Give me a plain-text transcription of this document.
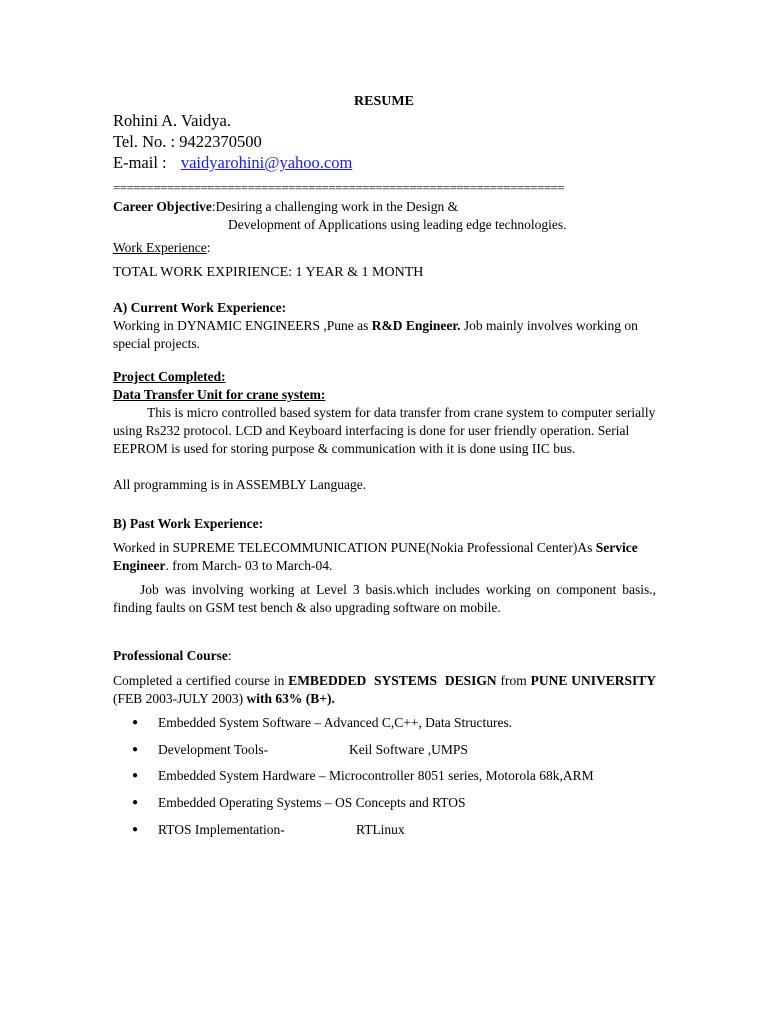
RESUME
Rohini A. Vaidya.
Tel. No. : 9422370500
E-mail : vaidyarohini@yahoo.com
===================================================================
Career Objective:Desiring a challenging work in the Design &
Development of Applications using leading edge technologies.
Work Experience:
TOTAL WORK EXPIRIENCE: 1 YEAR & 1 MONTH
A) Current Work Experience:
Working in DYNAMIC ENGINEERS ,Pune as R&D Engineer. Job mainly involves working on special projects.
Project Completed:
Data Transfer Unit for crane system:
This is micro controlled based system for data transfer from crane system to computer serially using Rs232 protocol. LCD and Keyboard interfacing is done for user friendly operation. Serial EEPROM is used for storing purpose & communication with it is done using IIC bus.
All programming is in ASSEMBLY Language.
B) Past Work Experience:
Worked in SUPREME TELECOMMUNICATION PUNE(Nokia Professional Center)As Service Engineer. from March- 03 to March-04.
Job was involving working at Level 3 basis.which includes working on component basis., finding faults on GSM test bench & also upgrading software on mobile.
Professional Course:
Completed a certified course in EMBEDDED SYSTEMS DESIGN from PUNE UNIVERSITY (FEB 2003-JULY 2003) with 63% (B+).
● Embedded System Software – Advanced C,C++, Data Structures.
● Development Tools-	Keil Software ,UMPS
● Embedded System Hardware – Microcontroller 8051 series, Motorola 68k,ARM
● Embedded Operating Systems – OS Concepts and RTOS
● RTOS Implementation-	RTLinux
